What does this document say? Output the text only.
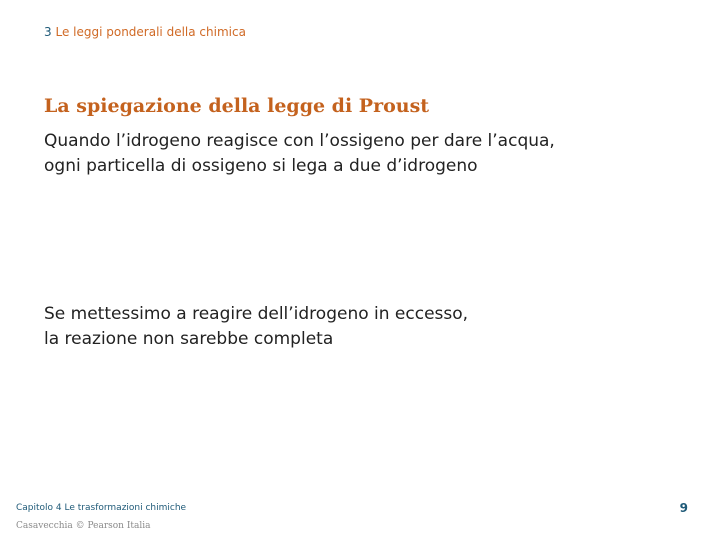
3 Le leggi ponderali della chimica
La spiegazione della legge di Proust
Quando l’idrogeno reagisce con l’ossigeno per dare l’acqua,
ogni particella di ossigeno si lega a due d’idrogeno
Se mettessimo a reagire dell’idrogeno in eccesso,
la reazione non sarebbe completa
Capitolo 4 Le trasformazioni chimiche
Casavecchia © Pearson Italia
9
